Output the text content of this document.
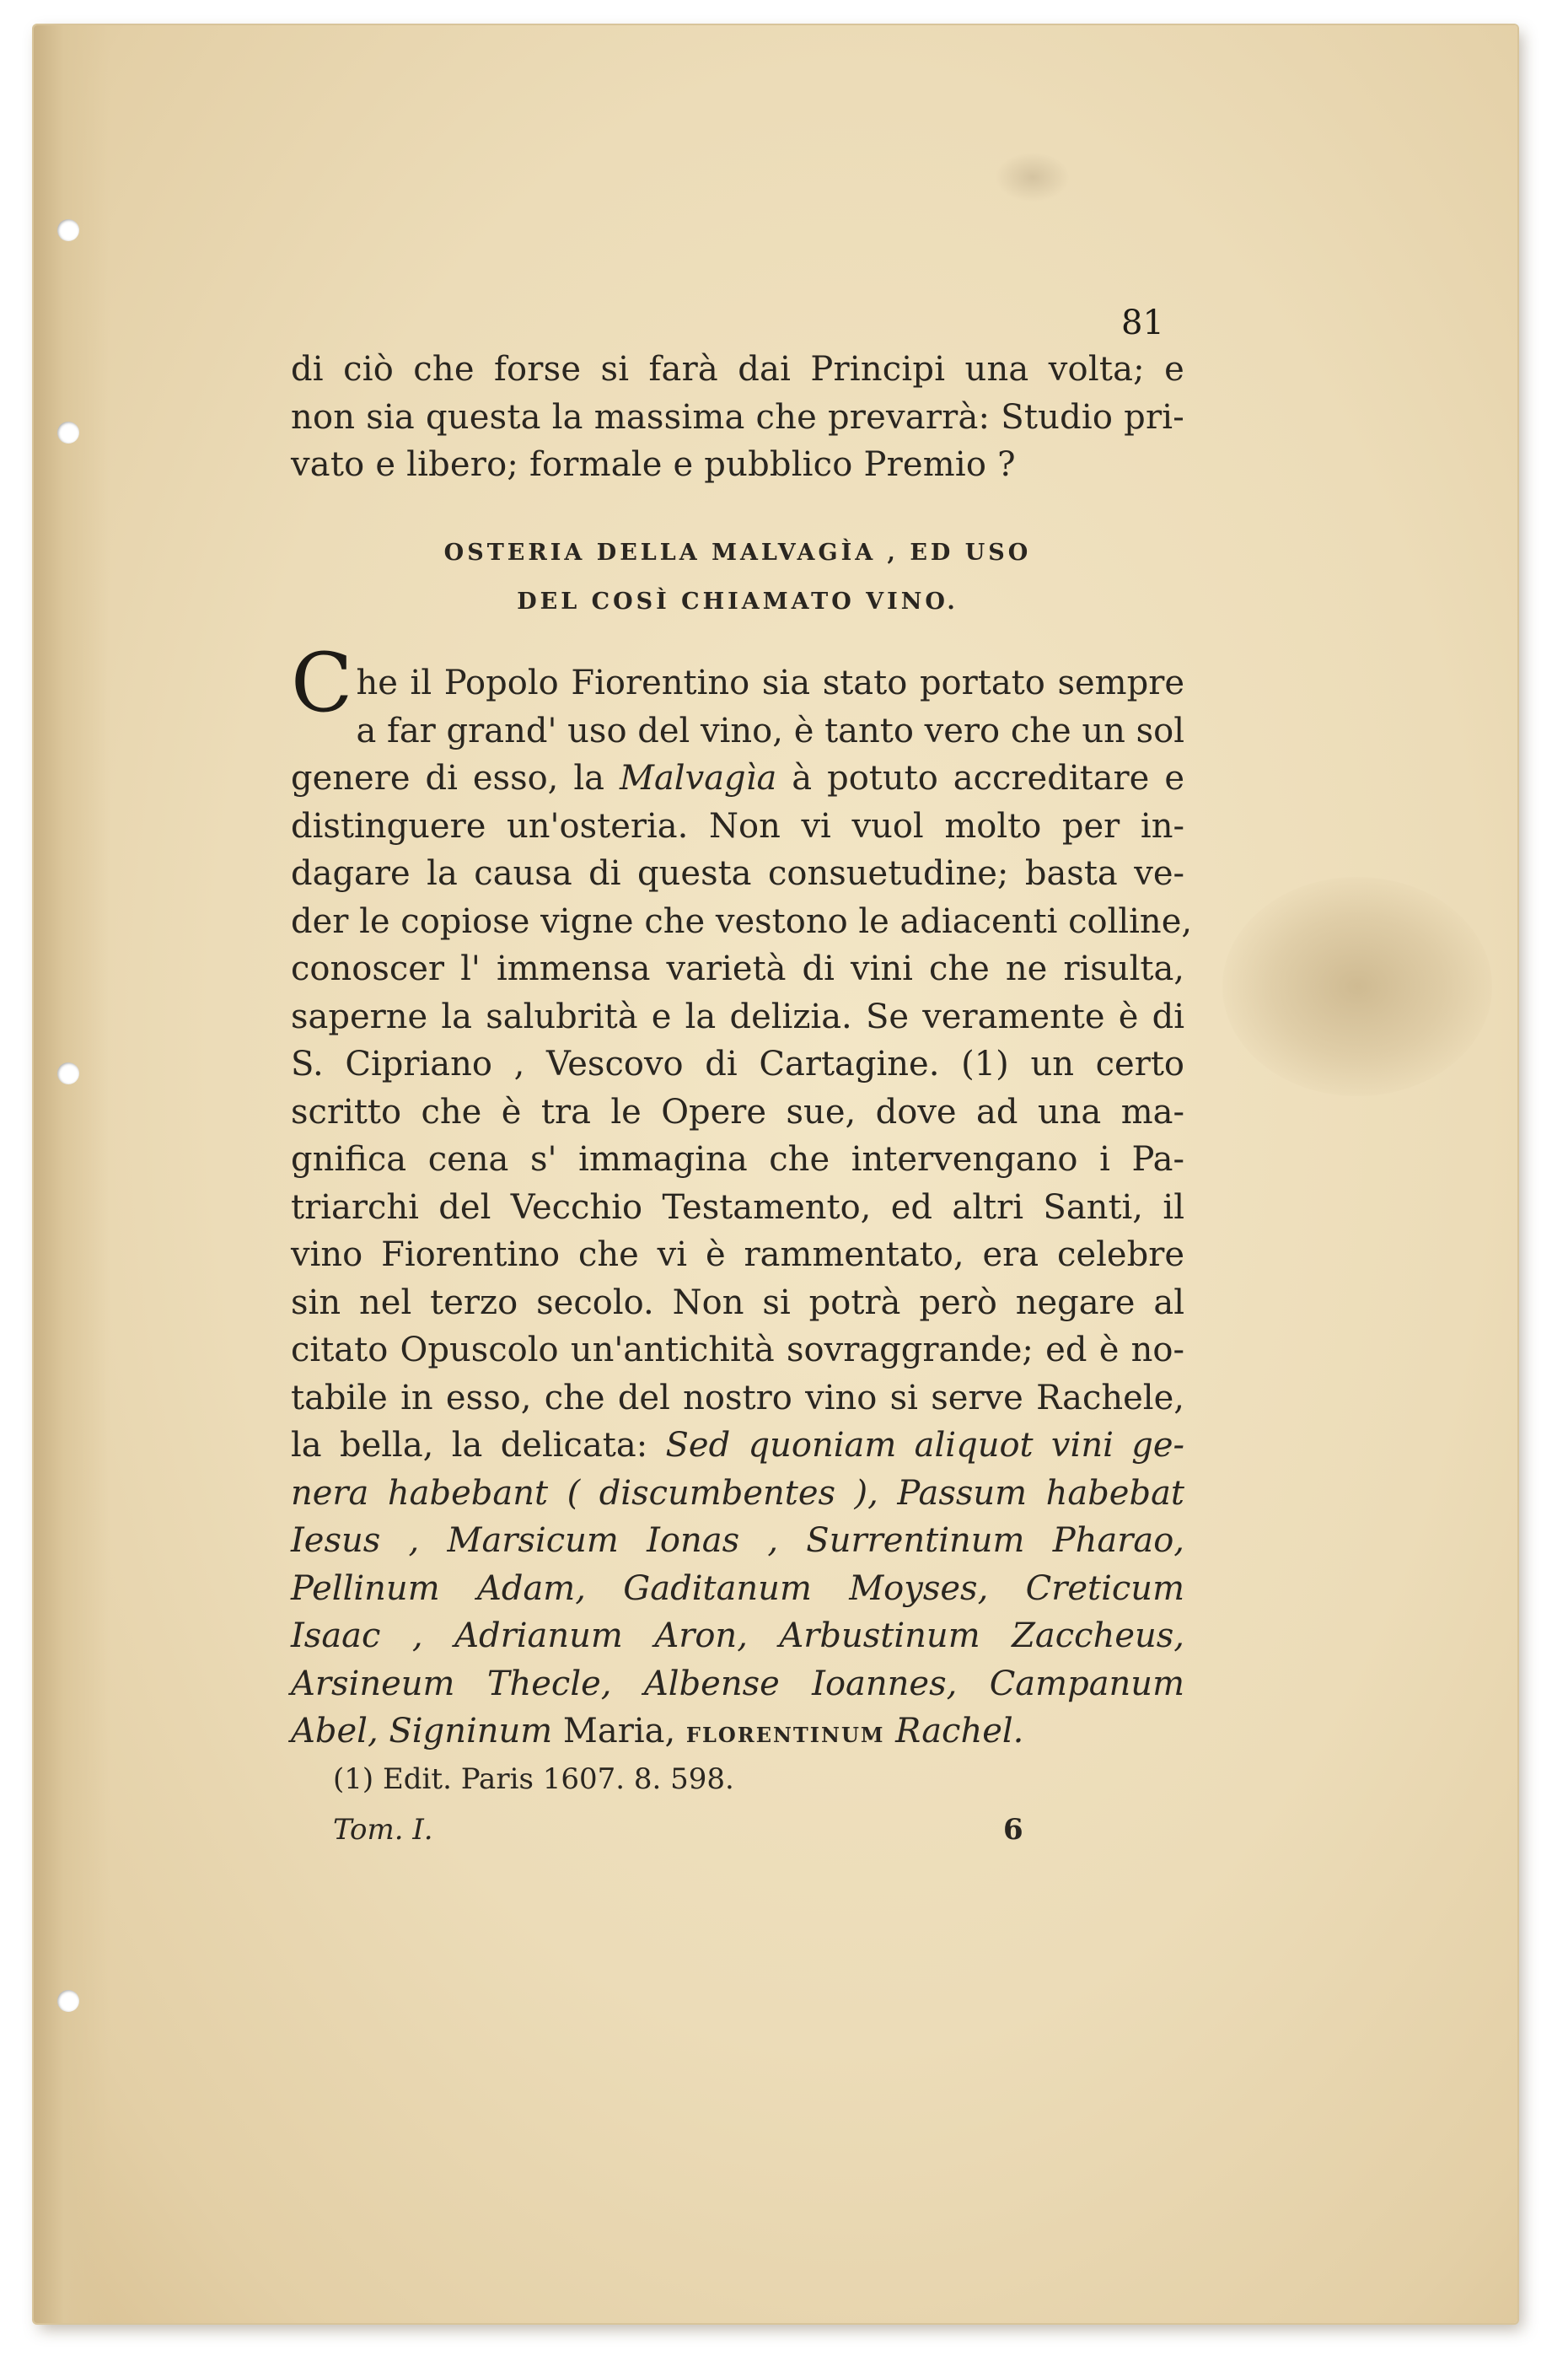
81
di ciò che forse si farà dai Principi una volta; e
non sia questa la massima che prevarrà: Studio pri-
vato e libero; formale e pubblico Premio ?
OSTERIA DELLA MALVAGÌA , ED USO
DEL COSÌ CHIAMATO VINO.
C he il Popolo Fiorentino sia stato portato sempre
a far grand' uso del vino, è tanto vero che un sol
genere di esso, la Malvagìa à potuto accreditare e
distinguere un'osteria. Non vi vuol molto per in-
dagare la causa di questa consuetudine; basta ve-
der le copiose vigne che vestono le adiacenti colline,
conoscer l' immensa varietà di vini che ne risulta,
saperne la salubrità e la delizia. Se veramente è di
S. Cipriano , Vescovo di Cartagine. (1) un certo
scritto che è tra le Opere sue, dove ad una ma-
gnifica cena s' immagina che intervengano i Pa-
triarchi del Vecchio Testamento, ed altri Santi, il
vino Fiorentino che vi è rammentato, era celebre
sin nel terzo secolo. Non si potrà però negare al
citato Opuscolo un'antichità sovraggrande; ed è no-
tabile in esso, che del nostro vino si serve Rachele,
la bella, la delicata: Sed quoniam aliquot vini ge-
nera habebant ( discumbentes ), Passum habebat
Iesus , Marsicum Ionas , Surrentinum Pharao,
Pellinum Adam, Gaditanum Moyses, Creticum
Isaac , Adrianum Aron, Arbustinum Zaccheus,
Arsineum Thecle, Albense Ioannes, Campanum
Abel, Signinum Maria, FLORENTINUM Rachel.
(1) Edit. Paris 1607. 8. 598.
Tom. I.	6
